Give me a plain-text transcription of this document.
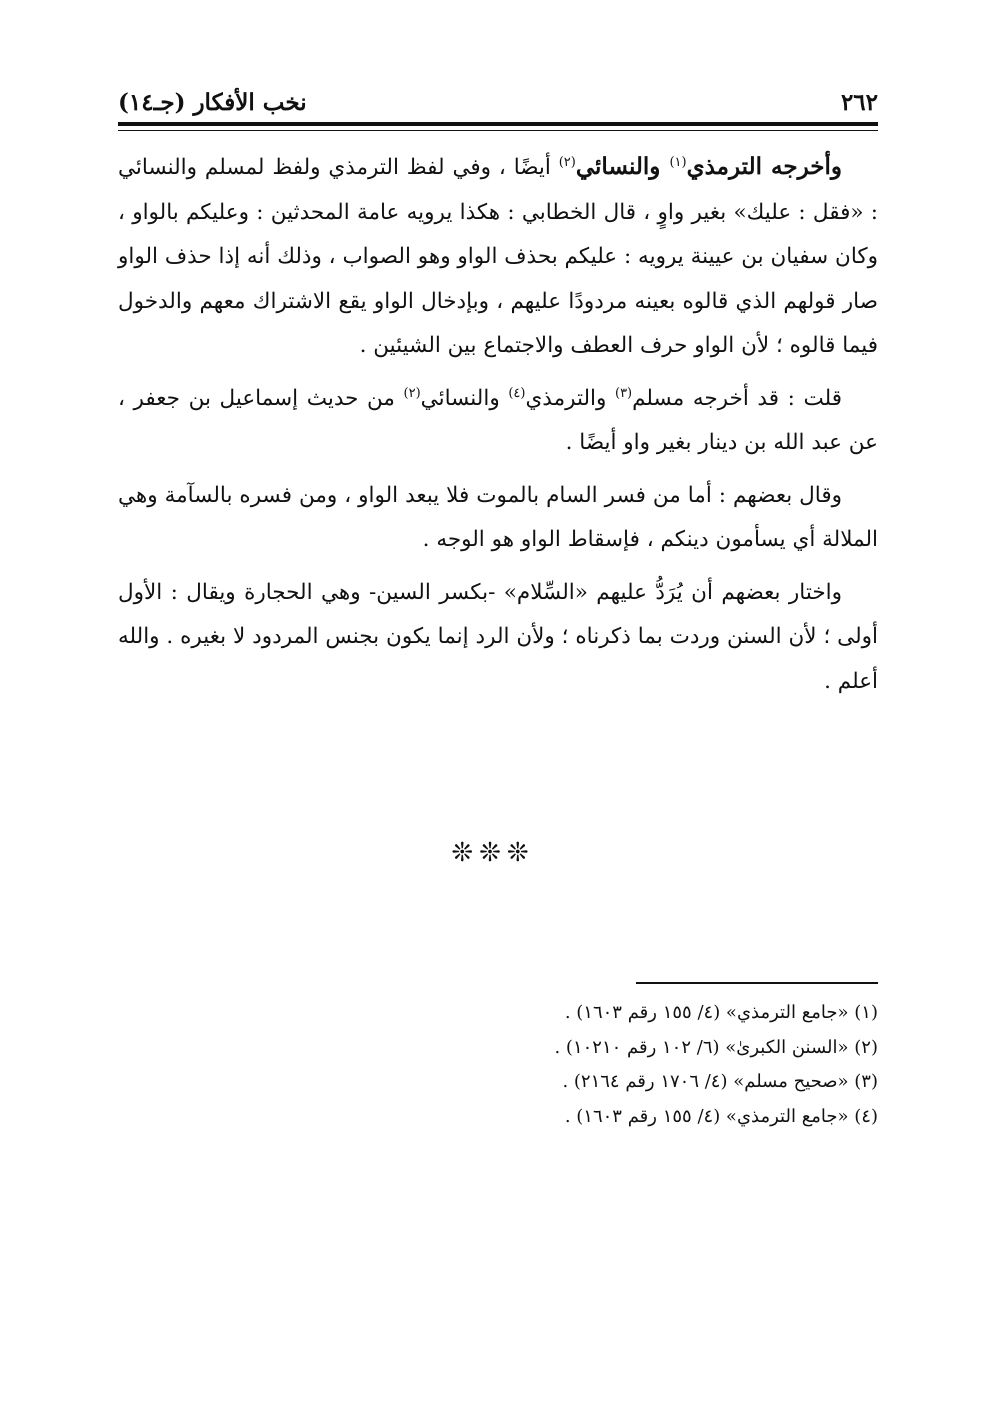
٢٦٢
نخب الأفكار (جـ١٤)

وأخرجه الترمذي$^{(١)}$ والنسائي$^{(٢)}$ أيضًا ، وفي لفظ الترمذي ولفظ لمسلم والنسائي : «فقل : عليك» بغير واوٍ ، قال الخطابي : هكذا يرويه عامة المحدثين : وعليكم بالواو ، وكان سفيان بن عيينة يرويه : عليكم بحذف الواو وهو الصواب ، وذلك أنه إذا حذف الواو صار قولهم الذي قالوه بعينه مردودًا عليهم ، وبإدخال الواو يقع الاشتراك معهم والدخول فيما قالوه ؛ لأن الواو حرف العطف والاجتماع بين الشيئين .

قلت : قد أخرجه مسلم$^{(٣)}$ والترمذي$^{(٤)}$ والنسائي$^{(٢)}$ من حديث إسماعيل بن جعفر ، عن عبد الله بن دينار بغير واو أيضًا .

وقال بعضهم : أما من فسر السام بالموت فلا يبعد الواو ، ومن فسره بالسآمة وهي الملالة أي يسأمون دينكم ، فإسقاط الواو هو الوجه .

واختار بعضهم أن يُرَدُّ عليهم «السِّلام» -بكسر السين- وهي الحجارة ويقال : الأول أولى ؛ لأن السنن وردت بما ذكرناه ؛ ولأن الرد إنما يكون بجنس المردود لا بغيره . والله أعلم .

❊❊❊
(١) «جامع الترمذي» (٤/ ١٥٥ رقم ١٦٠٣) .
(٢) «السنن الكبرىٰ» (٦/ ١٠٢ رقم ١٠٢١٠) .
(٣) «صحيح مسلم» (٤/ ١٧٠٦ رقم ٢١٦٤) .
(٤) «جامع الترمذي» (٤/ ١٥٥ رقم ١٦٠٣) .
